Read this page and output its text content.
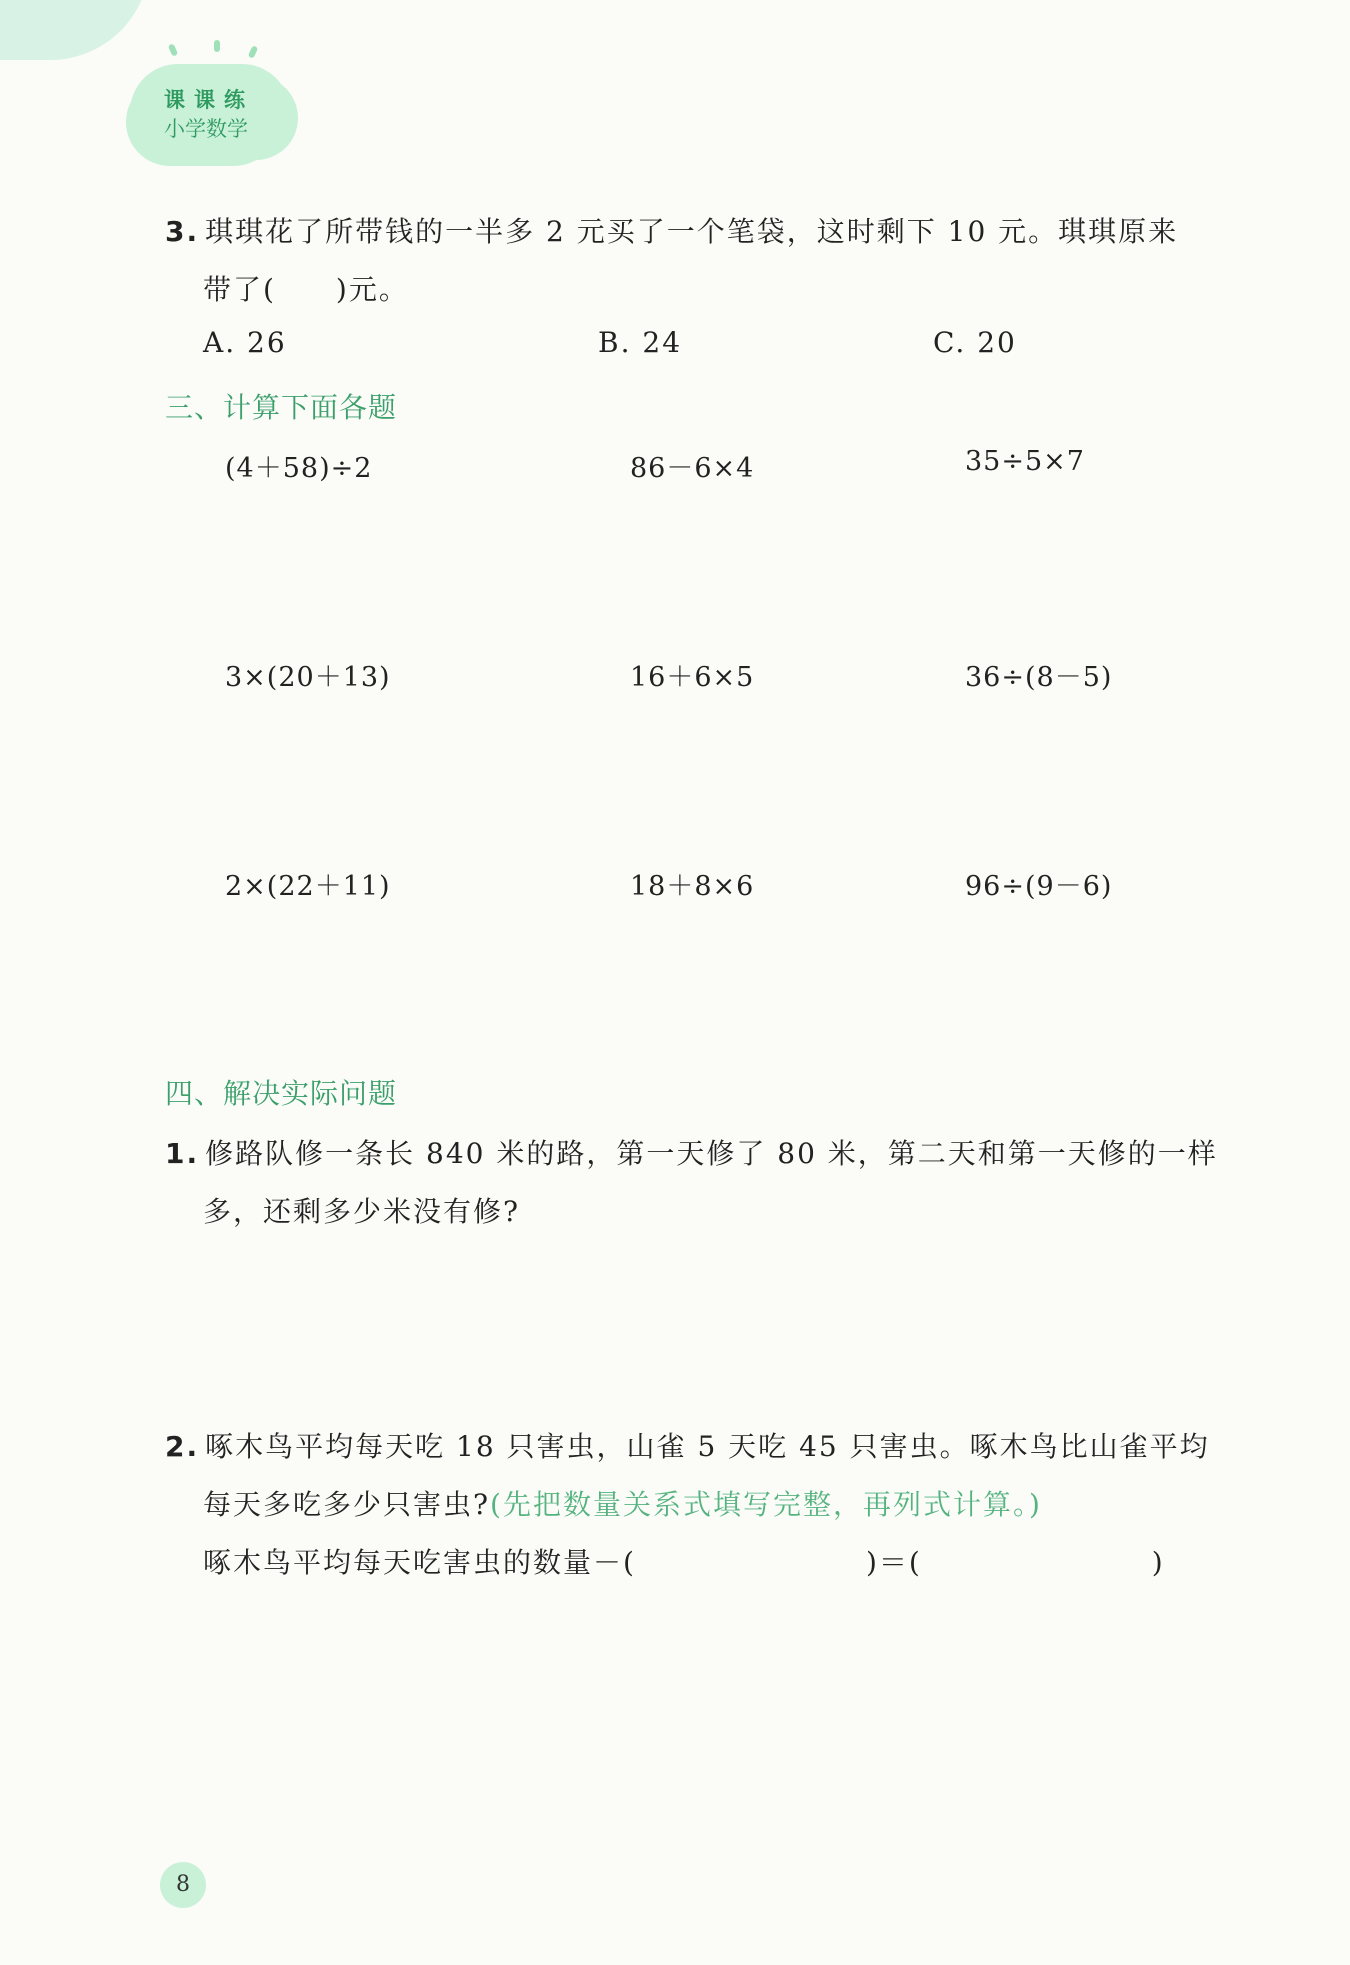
课课练
小学数学
3. 琪琪花了所带钱的一半多 2 元买了一个笔袋，这时剩下 10 元。琪琪原来
带了(　　)元。
A. 26	B. 24	C. 20
三、计算下面各题
(4＋58)÷2	86－6×4	35÷5×7
3×(20＋13)	16＋6×5	36÷(8－5)
2×(22＋11)	18＋8×6	96÷(9－6)
四、解决实际问题
1. 修路队修一条长 840 米的路，第一天修了 80 米，第二天和第一天修的一样
多，还剩多少米没有修?
2. 啄木鸟平均每天吃 18 只害虫，山雀 5 天吃 45 只害虫。啄木鸟比山雀平均
每天多吃多少只害虫?(先把数量关系式填写完整，再列式计算。)
啄木鸟平均每天吃害虫的数量－(	)＝(	)
8
